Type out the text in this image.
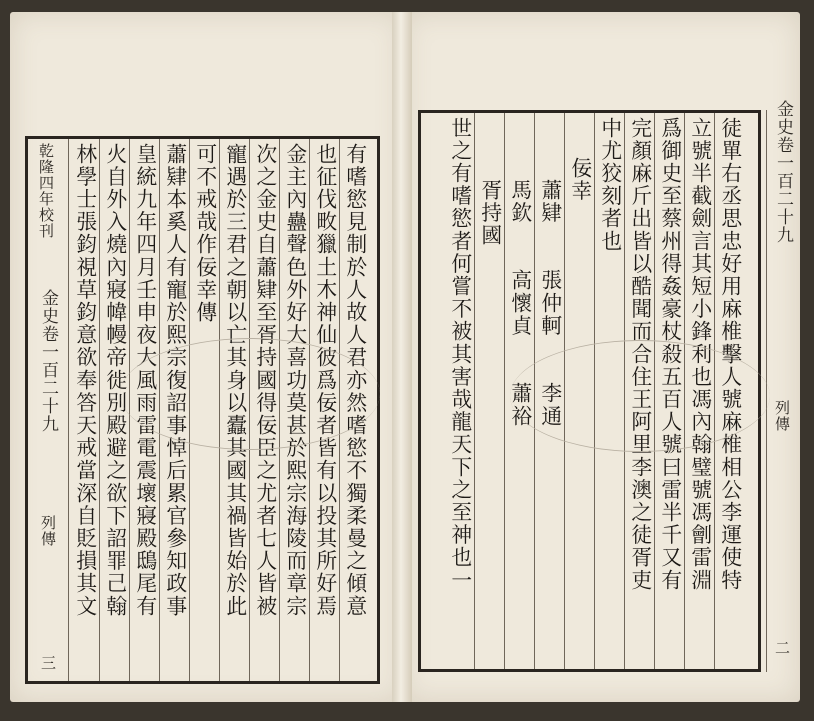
乾隆四年校刊
金史卷一百二十九
列傳
三
有嗜慾見制於人故人君亦然嗜慾不獨柔曼之傾意
也征伐畋獵土木神仙彼爲佞者皆有以投其所好焉
金主內蠱聲色外好大喜功莫甚於熙宗海陵而章宗
次之金史自蕭肄至胥持國得佞臣之尤者七人皆被
寵遇於三君之朝以亡其身以蠹其國其禍皆始於此
可不戒哉作佞幸傳
蕭肄本奚人有寵於熙宗復詔事悼后累官參知政事
皇統九年四月壬申夜大風雨雷電震壞寢殿鴟尾有
火自外入燒內寢幃幔帝徙別殿避之欲下詔罪己翰
林學士張鈞視草鈞意欲奉答天戒當深自貶損其文	徒單右丞思忠好用麻椎擊人號麻椎相公李運使特
立號半截劍言其短小鋒利也馮內翰璧號馮劊雷淵
爲御史至蔡州得姦豪杖殺五百人號曰雷半千又有
完顏麻斤出皆以酷聞而合住王阿里李澳之徒胥吏
中尤狡刻者也
佞幸
蕭肄　　張仲軻　　李通
馬欽　　高懷貞　　蕭裕
胥持國
世之有嗜慾者何嘗不被其害哉龍天下之至神也一	金史卷一百二十九
列傳
二
